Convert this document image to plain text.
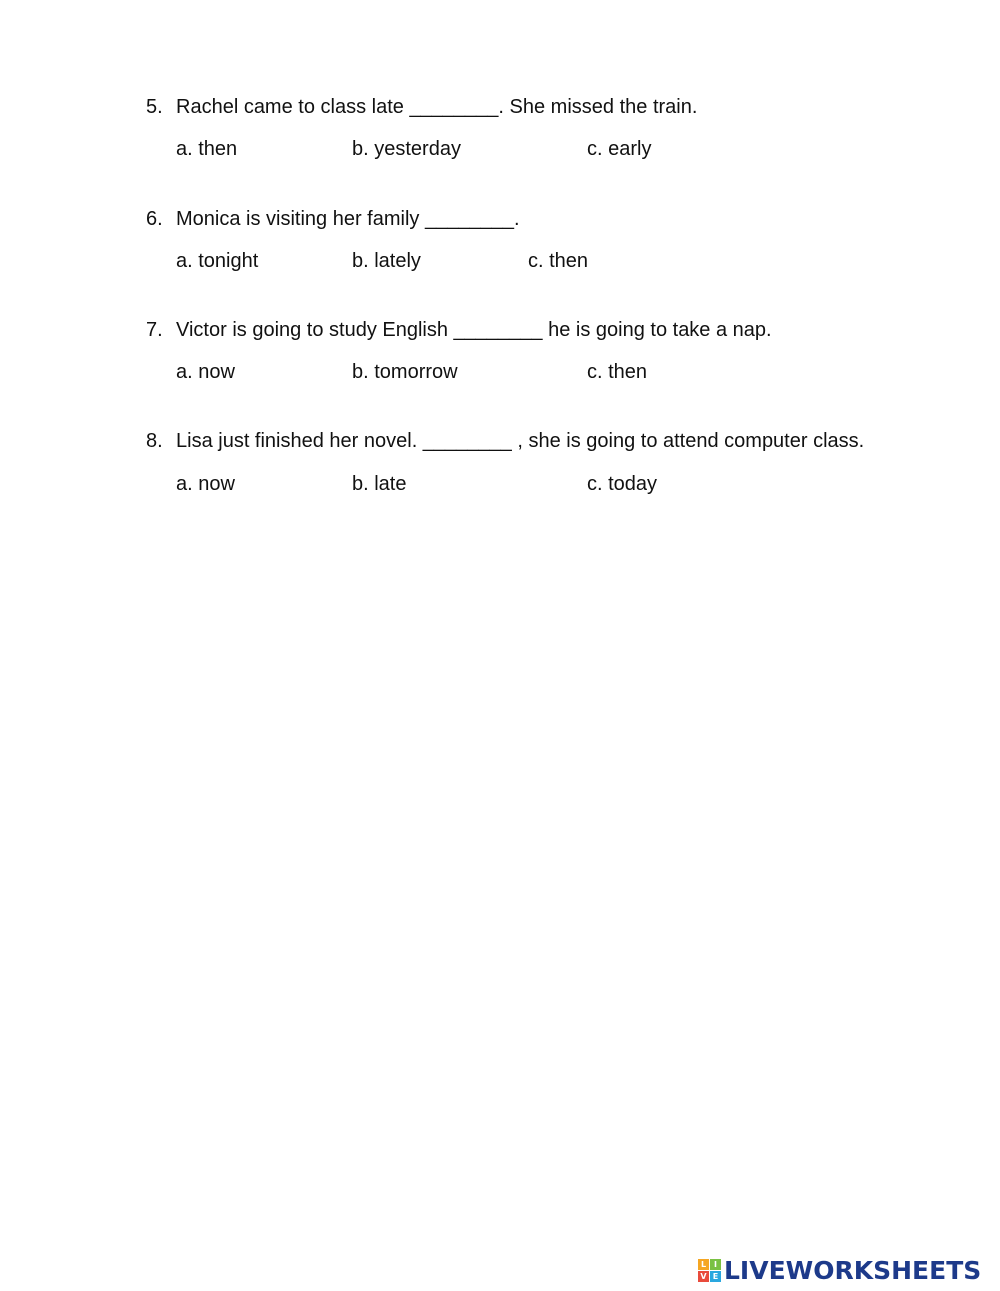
5. Rachel came to class late ________. She missed the train.
a. then	b. yesterday	c. early
6. Monica is visiting her family ________.
a. tonight	b. lately	c. then
7. Victor is going to study English ________ he is going to take a nap.
a. now	b. tomorrow	c. then
8. Lisa just finished her novel. ________ , she is going to attend computer class.
a. now	b. late	c. today
L I
V E LIVEWORKSHEETS
